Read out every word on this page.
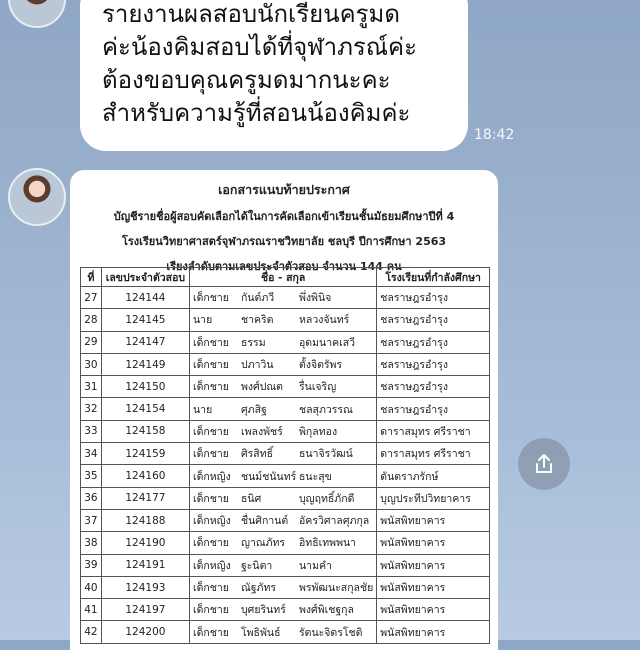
รายงานผลสอบนักเรียนครูมด
ค่ะน้องคิมสอบได้ที่จุฬาภรณ์ค่ะ
ต้องขอบคุณครูมดมากนะคะ
สำหรับความรู้ที่สอนน้องคิมค่ะ
18:42
เอกสารแนบท้ายประกาศ
บัญชีรายชื่อผู้สอบคัดเลือกได้ในการคัดเลือกเข้าเรียนชั้นมัธยมศึกษาปีที่ 4
โรงเรียนวิทยาศาสตร์จุฬาภรณราชวิทยาลัย ชลบุรี ปีการศึกษา 2563
เรียงลำดับตามเลขประจำตัวสอบ จำนวน 144 คน
ที่	เลขประจำตัวสอบ	ชื่อ - สกุล	โรงเรียนที่กำลังศึกษา
27	124144	เด็กชาย กันต์ภวี พึ่งพินิจ	ชลราษฎรอำรุง
28	124145	นาย ชาคริต หลวงจันทร์	ชลราษฎรอำรุง
29	124147	เด็กชาย ธรรม อุดมนาคเสวี	ชลราษฎรอำรุง
30	124149	เด็กชาย ปภาวิน ตั้งจิตรัพร	ชลราษฎรอำรุง
31	124150	เด็กชาย พงศ์ปณต รื่นเจริญ	ชลราษฎรอำรุง
32	124154	นาย ศุภสิฐ ชลสุภวรรณ	ชลราษฎรอำรุง
33	124158	เด็กชาย เพลงพัชร์ พิกุลทอง	ดาราสมุทร ศรีราชา
34	124159	เด็กชาย ศิรสิทธิ์ ธนาจิรวัฒน์	ดาราสมุทร ศรีราชา
35	124160	เด็กหญิง ชนม์ชนันทร์ ธนะสุข	ดันตราภรักษ์
36	124177	เด็กชาย ธนิศ บุญฤทธิ์ภักดี	บุญประทีปวิทยาคาร
37	124188	เด็กหญิง ชื่นศิกานต์ อัครวิศาลศุภกุล	พนัสพิทยาคาร
38	124190	เด็กชาย ญาณภัทร อิทธิเทพพนา	พนัสพิทยาคาร
39	124191	เด็กหญิง ฐะนิตา นามคำ	พนัสพิทยาคาร
40	124193	เด็กชาย ณัฐภัทร พรพัฒนะสกุลชัย	พนัสพิทยาคาร
41	124197	เด็กชาย บุศยรินทร์ พงศ์พิเชฐกุล	พนัสพิทยาคาร
42	124200	เด็กชาย โพธิพันธ์ รัตนะจิตรโชติ	พนัสพิทยาคาร
